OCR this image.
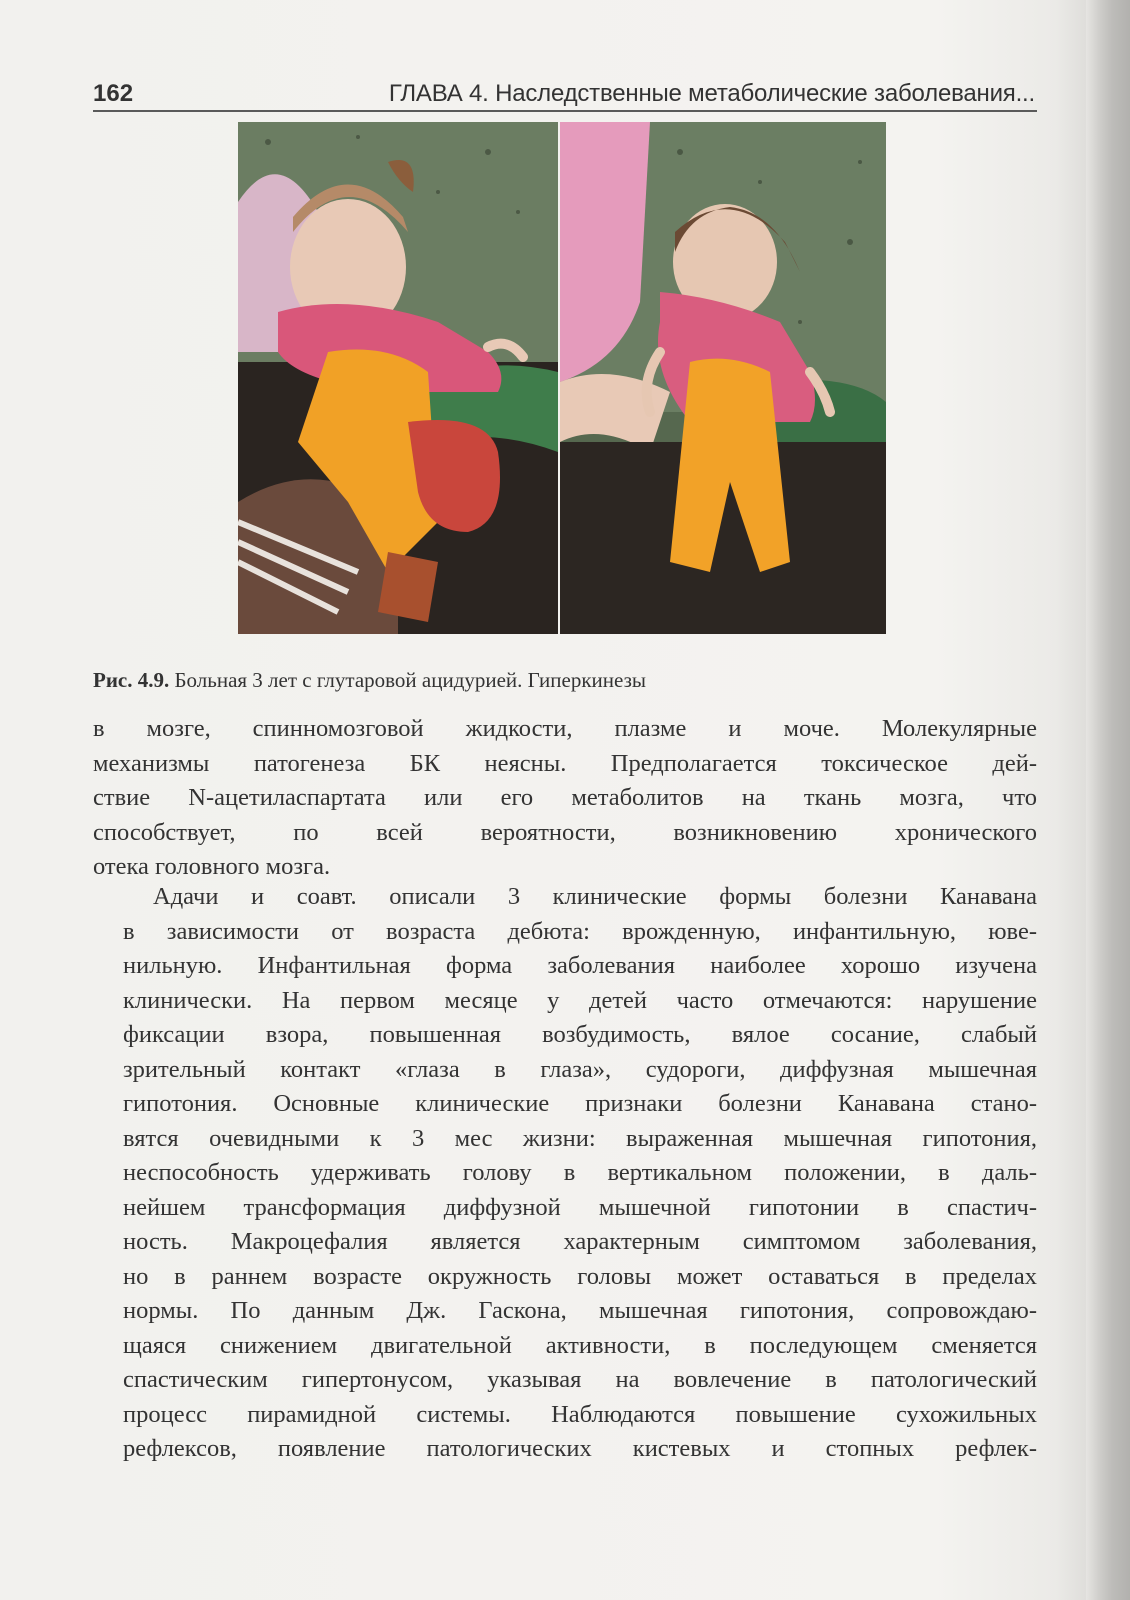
162	ГЛАВА 4. Наследственные метаболические заболевания...
Рис. 4.9. Больная 3 лет с глутаровой ацидурией. Гиперкинезы
в мозге, спинномозговой жидкости, плазме и моче. Молекулярные
механизмы патогенеза БК неясны. Предполагается токсическое дей-
ствие N-ацетиласпартата или его метаболитов на ткань мозга, что
способствует, по всей вероятности, возникновению хронического
отека головного мозга.
Адачи и соавт. описали 3 клинические формы болезни Канавана
в зависимости от возраста дебюта: врожденную, инфантильную, юве-
нильную. Инфантильная форма заболевания наиболее хорошо изучена
клинически. На первом месяце у детей часто отмечаются: нарушение
фиксации взора, повышенная возбудимость, вялое сосание, слабый
зрительный контакт «глаза в глаза», судороги, диффузная мышечная
гипотония. Основные клинические признаки болезни Канавана стано-
вятся очевидными к 3 мес жизни: выраженная мышечная гипотония,
неспособность удерживать голову в вертикальном положении, в даль-
нейшем трансформация диффузной мышечной гипотонии в спастич-
ность. Макроцефалия является характерным симптомом заболевания,
но в раннем возрасте окружность головы может оставаться в пределах
нормы. По данным Дж. Гаскона, мышечная гипотония, сопровождаю-
щаяся снижением двигательной активности, в последующем сменяется
спастическим гипертонусом, указывая на вовлечение в патологический
процесс пирамидной системы. Наблюдаются повышение сухожильных
рефлексов, появление патологических кистевых и стопных рефлек-
